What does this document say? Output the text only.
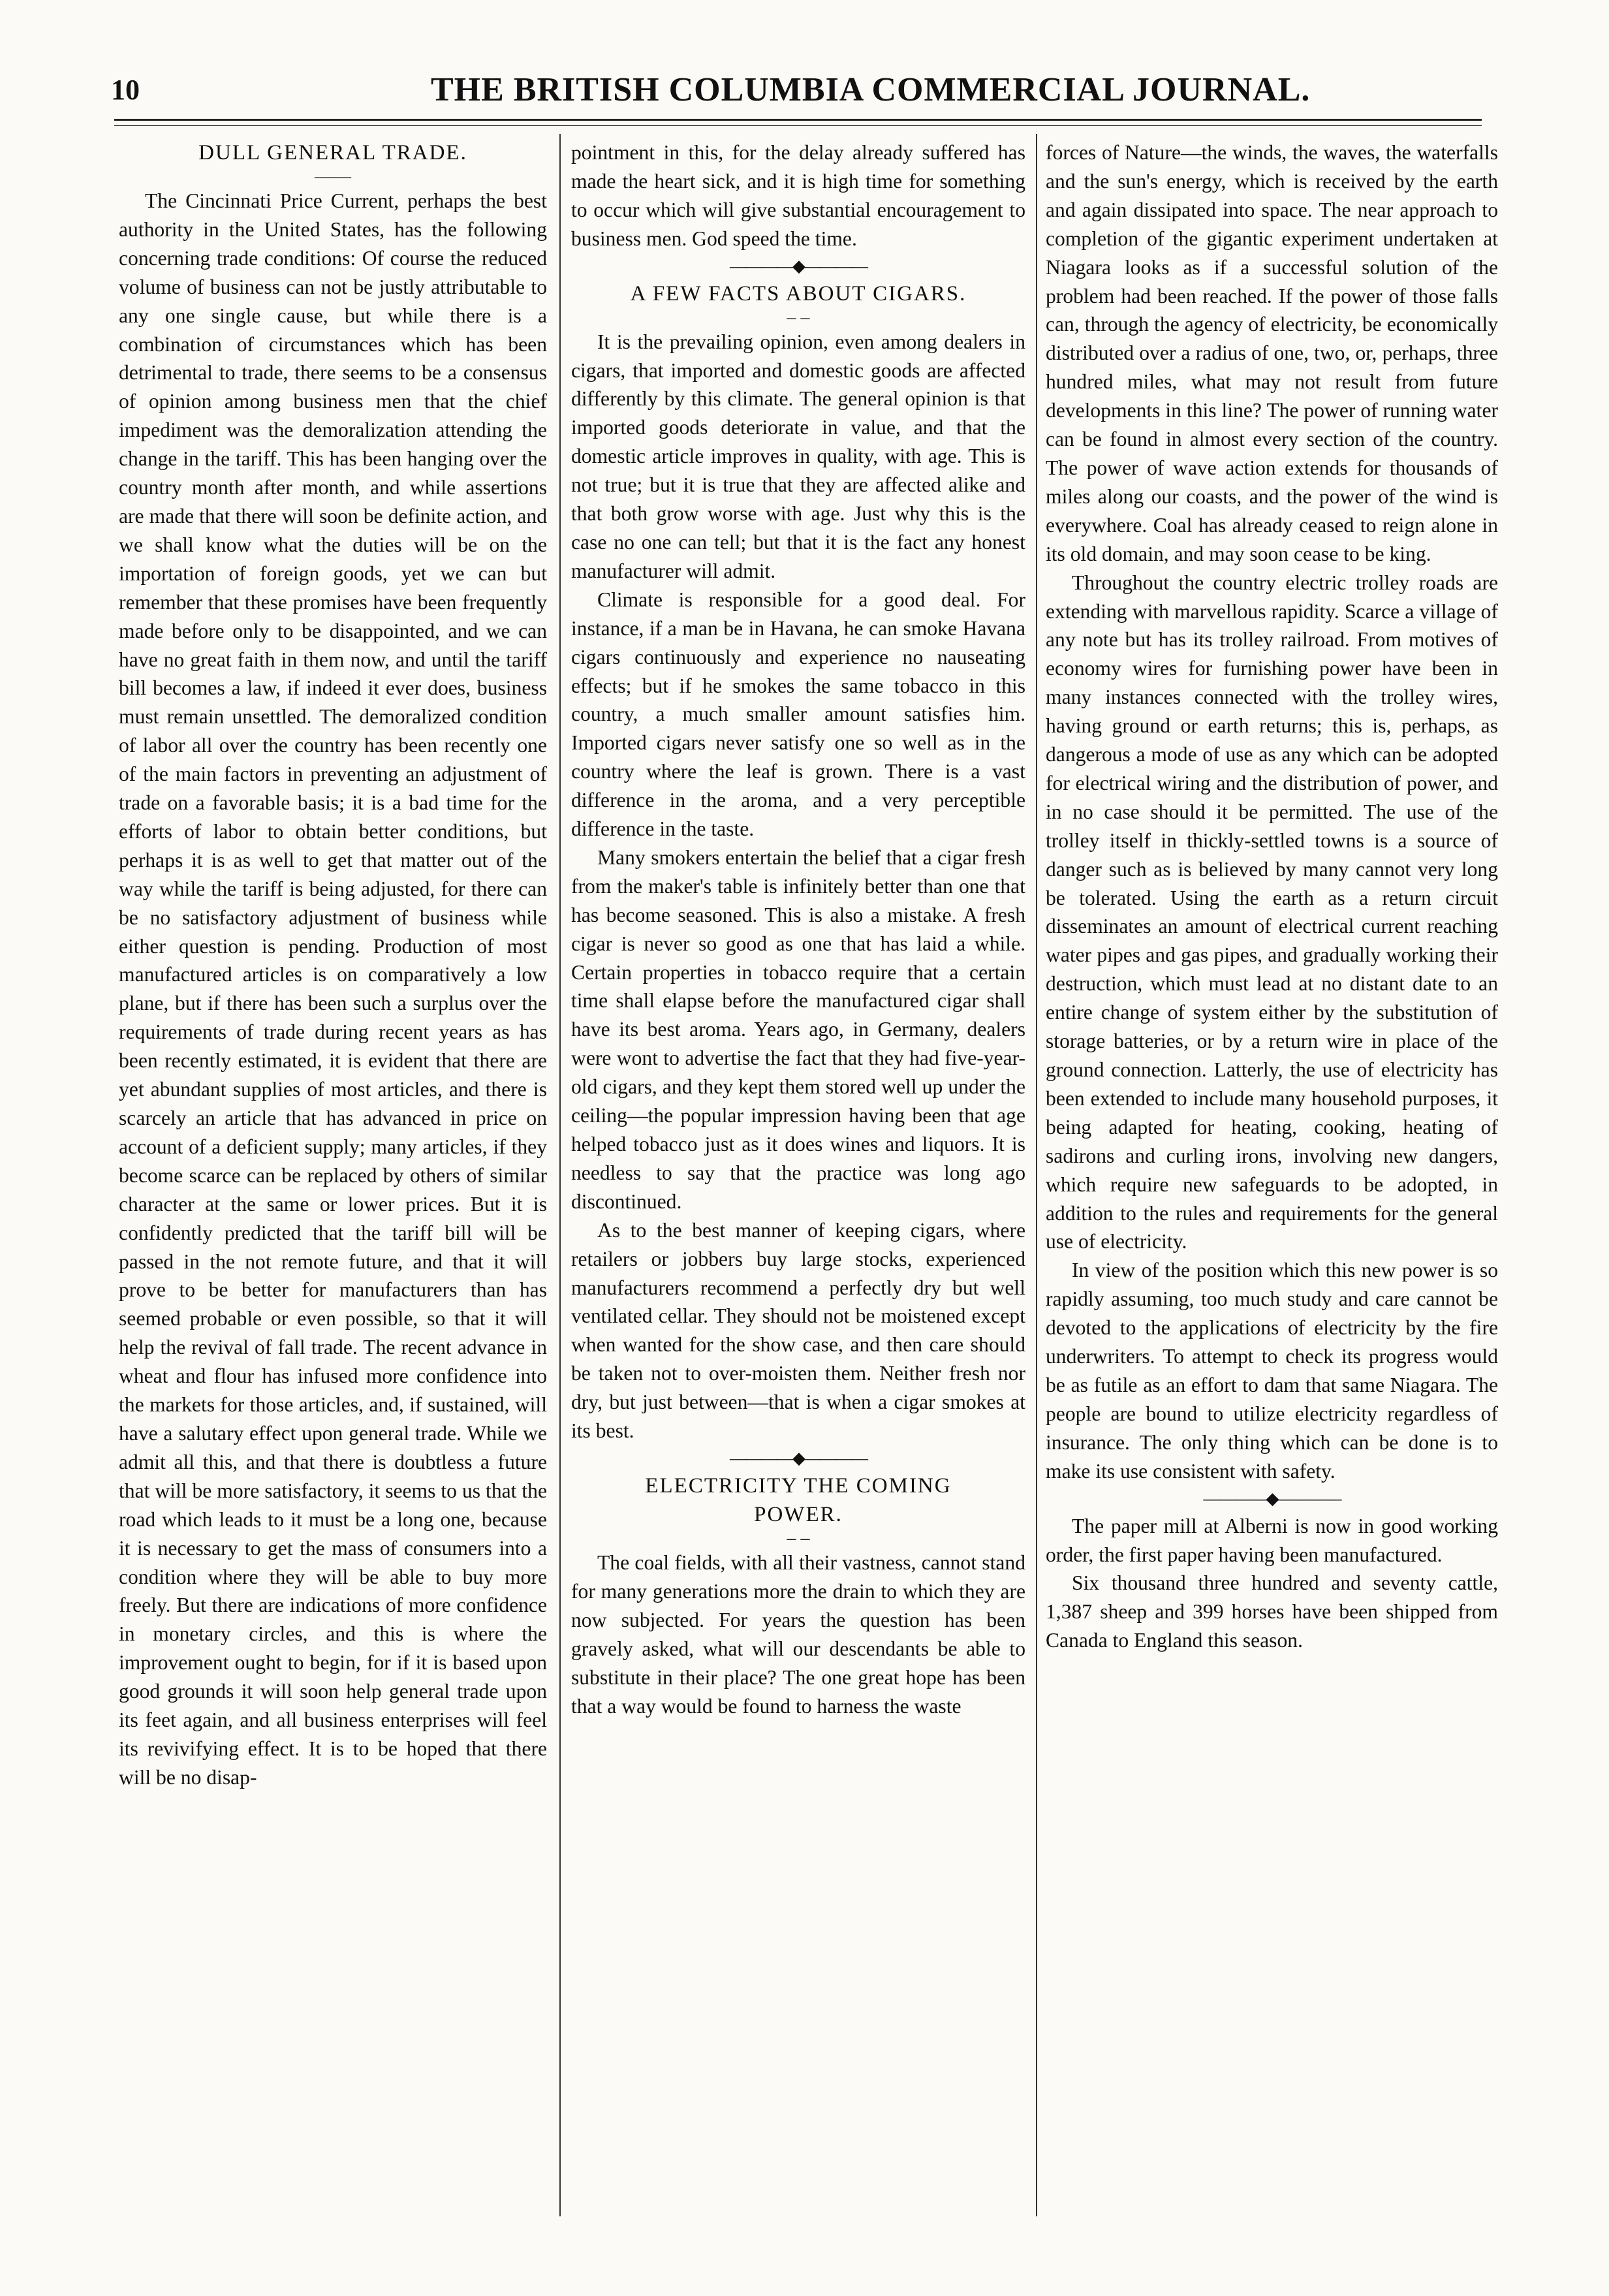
10	THE BRITISH COLUMBIA COMMERCIAL JOURNAL.
DULL GENERAL TRADE.
——

The Cincinnati Price Current, perhaps the best authority in the United States, has the following concerning trade conditions: Of course the reduced volume of business can not be justly attributable to any one single cause, but while there is a combination of circumstances which has been detrimental to trade, there seems to be a consensus of opinion among business men that the chief impediment was the demoralization attending the change in the tariff. This has been hanging over the country month after month, and while assertions are made that there will soon be definite action, and we shall know what the duties will be on the importation of foreign goods, yet we can but remember that these promises have been frequently made before only to be disappointed, and we can have no great faith in them now, and until the tariff bill becomes a law, if indeed it ever does, business must remain unsettled. The demoralized condition of labor all over the country has been recently one of the main factors in preventing an adjustment of trade on a favorable basis; it is a bad time for the efforts of labor to obtain better conditions, but perhaps it is as well to get that matter out of the way while the tariff is being adjusted, for there can be no satisfactory adjustment of business while either question is pending. Production of most manufactured articles is on comparatively a low plane, but if there has been such a surplus over the requirements of trade during recent years as has been recently estimated, it is evident that there are yet abundant supplies of most articles, and there is scarcely an article that has advanced in price on account of a deficient supply; many articles, if they become scarce can be replaced by others of similar character at the same or lower prices. But it is confidently predicted that the tariff bill will be passed in the not remote future, and that it will prove to be better for manufacturers than has seemed probable or even possible, so that it will help the revival of fall trade. The recent advance in wheat and flour has infused more confidence into the markets for those articles, and, if sustained, will have a salutary effect upon general trade. While we admit all this, and that there is doubtless a future that will be more satisfactory, it seems to us that the road which leads to it must be a long one, because it is necessary to get the mass of consumers into a condition where they will be able to buy more freely. But there are indications of more confidence in monetary circles, and this is where the improvement ought to begin, for if it is based upon good grounds it will soon help general trade upon its feet again, and all business enterprises will feel its revivifying effect. It is to be hoped that there will be no disap-

pointment in this, for the delay already suffered has made the heart sick, and it is high time for something to occur which will give substantial encouragement to business men. God speed the time.

————◆————
A FEW FACTS ABOUT CIGARS.
– –

It is the prevailing opinion, even among dealers in cigars, that imported and domestic goods are affected differently by this climate. The general opinion is that imported goods deteriorate in value, and that the domestic article improves in quality, with age. This is not true; but it is true that they are affected alike and that both grow worse with age. Just why this is the case no one can tell; but that it is the fact any honest manufacturer will admit.

Climate is responsible for a good deal. For instance, if a man be in Havana, he can smoke Havana cigars continuously and experience no nauseating effects; but if he smokes the same tobacco in this country, a much smaller amount satisfies him. Imported cigars never satisfy one so well as in the country where the leaf is grown. There is a vast difference in the aroma, and a very perceptible difference in the taste.

Many smokers entertain the belief that a cigar fresh from the maker's table is infinitely better than one that has become seasoned. This is also a mistake. A fresh cigar is never so good as one that has laid a while. Certain properties in tobacco require that a certain time shall elapse before the manufactured cigar shall have its best aroma. Years ago, in Germany, dealers were wont to advertise the fact that they had five-year-old cigars, and they kept them stored well up under the ceiling—the popular impression having been that age helped tobacco just as it does wines and liquors. It is needless to say that the practice was long ago discontinued.

As to the best manner of keeping cigars, where retailers or jobbers buy large stocks, experienced manufacturers recommend a perfectly dry but well ventilated cellar. They should not be moistened except when wanted for the show case, and then care should be taken not to over-moisten them. Neither fresh nor dry, but just between—that is when a cigar smokes at its best.

————◆————
ELECTRICITY THE COMING POWER.
– –

The coal fields, with all their vastness, cannot stand for many generations more the drain to which they are now subjected. For years the question has been gravely asked, what will our descendants be able to substitute in their place? The one great hope has been that a way would be found to harness the waste

forces of Nature—the winds, the waves, the waterfalls and the sun's energy, which is received by the earth and again dissipated into space. The near approach to completion of the gigantic experiment undertaken at Niagara looks as if a successful solution of the problem had been reached. If the power of those falls can, through the agency of electricity, be economically distributed over a radius of one, two, or, perhaps, three hundred miles, what may not result from future developments in this line? The power of running water can be found in almost every section of the country. The power of wave action extends for thousands of miles along our coasts, and the power of the wind is everywhere. Coal has already ceased to reign alone in its old domain, and may soon cease to be king.

Throughout the country electric trolley roads are extending with marvellous rapidity. Scarce a village of any note but has its trolley railroad. From motives of economy wires for furnishing power have been in many instances connected with the trolley wires, having ground or earth returns; this is, perhaps, as dangerous a mode of use as any which can be adopted for electrical wiring and the distribution of power, and in no case should it be permitted. The use of the trolley itself in thickly-settled towns is a source of danger such as is believed by many cannot very long be tolerated. Using the earth as a return circuit disseminates an amount of electrical current reaching water pipes and gas pipes, and gradually working their destruction, which must lead at no distant date to an entire change of system either by the substitution of storage batteries, or by a return wire in place of the ground connection. Latterly, the use of electricity has been extended to include many household purposes, it being adapted for heating, cooking, heating of sadirons and curling irons, involving new dangers, which require new safeguards to be adopted, in addition to the rules and requirements for the general use of electricity.

In view of the position which this new power is so rapidly assuming, too much study and care cannot be devoted to the applications of electricity by the fire underwriters. To attempt to check its progress would be as futile as an effort to dam that same Niagara. The people are bound to utilize electricity regardless of insurance. The only thing which can be done is to make its use consistent with safety.

————◆————

The paper mill at Alberni is now in good working order, the first paper having been manufactured.

Six thousand three hundred and seventy cattle, 1,387 sheep and 399 horses have been shipped from Canada to England this season.
